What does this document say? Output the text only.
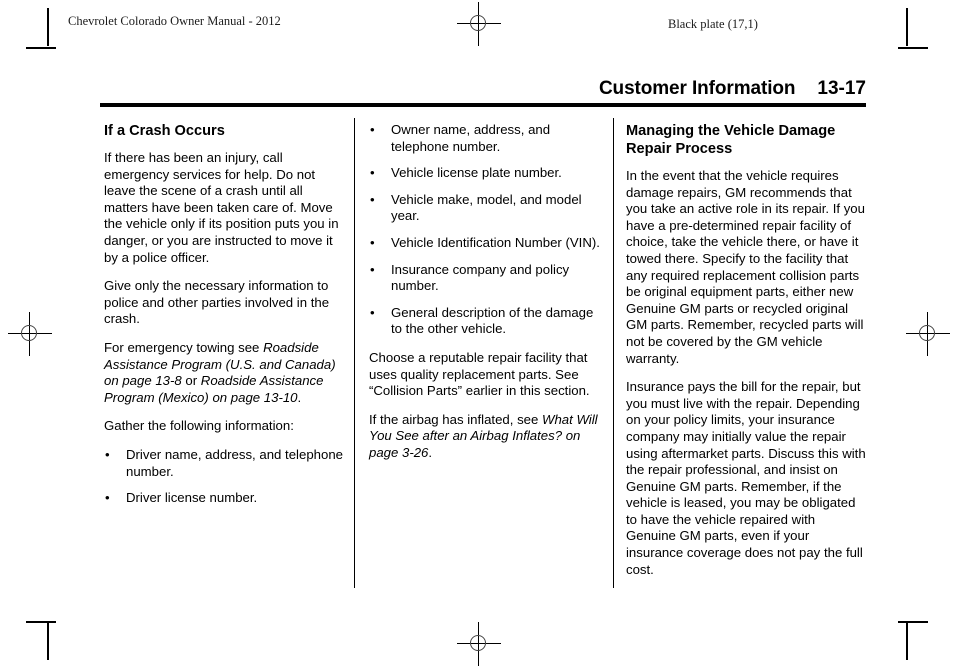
Chevrolet Colorado Owner Manual - 2012	Black plate (17,1)
Customer Information 13-17
If a Crash Occurs

If there has been an injury, call emergency services for help. Do not leave the scene of a crash until all matters have been taken care of. Move the vehicle only if its position puts you in danger, or you are instructed to move it by a police officer.

Give only the necessary information to police and other parties involved in the crash.

For emergency towing see Roadside Assistance Program (U.S. and Canada) on page 13-8 or Roadside Assistance Program (Mexico) on page 13-10.

Gather the following information:

• Driver name, address, and telephone number.
• Driver license number.
• Owner name, address, and telephone number.
• Vehicle license plate number.
• Vehicle make, model, and model year.
• Vehicle Identification Number (VIN).
• Insurance company and policy number.
• General description of the damage to the other vehicle.

Choose a reputable repair facility that uses quality replacement parts. See “Collision Parts” earlier in this section.

If the airbag has inflated, see What Will You See after an Airbag Inflates? on page 3-26.

Managing the Vehicle Damage Repair Process

In the event that the vehicle requires damage repairs, GM recommends that you take an active role in its repair. If you have a pre-determined repair facility of choice, take the vehicle there, or have it towed there. Specify to the facility that any required replacement collision parts be original equipment parts, either new Genuine GM parts or recycled original GM parts. Remember, recycled parts will not be covered by the GM vehicle warranty.

Insurance pays the bill for the repair, but you must live with the repair. Depending on your policy limits, your insurance company may initially value the repair using aftermarket parts. Discuss this with the repair professional, and insist on Genuine GM parts. Remember, if the vehicle is leased, you may be obligated to have the vehicle repaired with Genuine GM parts, even if your insurance coverage does not pay the full cost.
